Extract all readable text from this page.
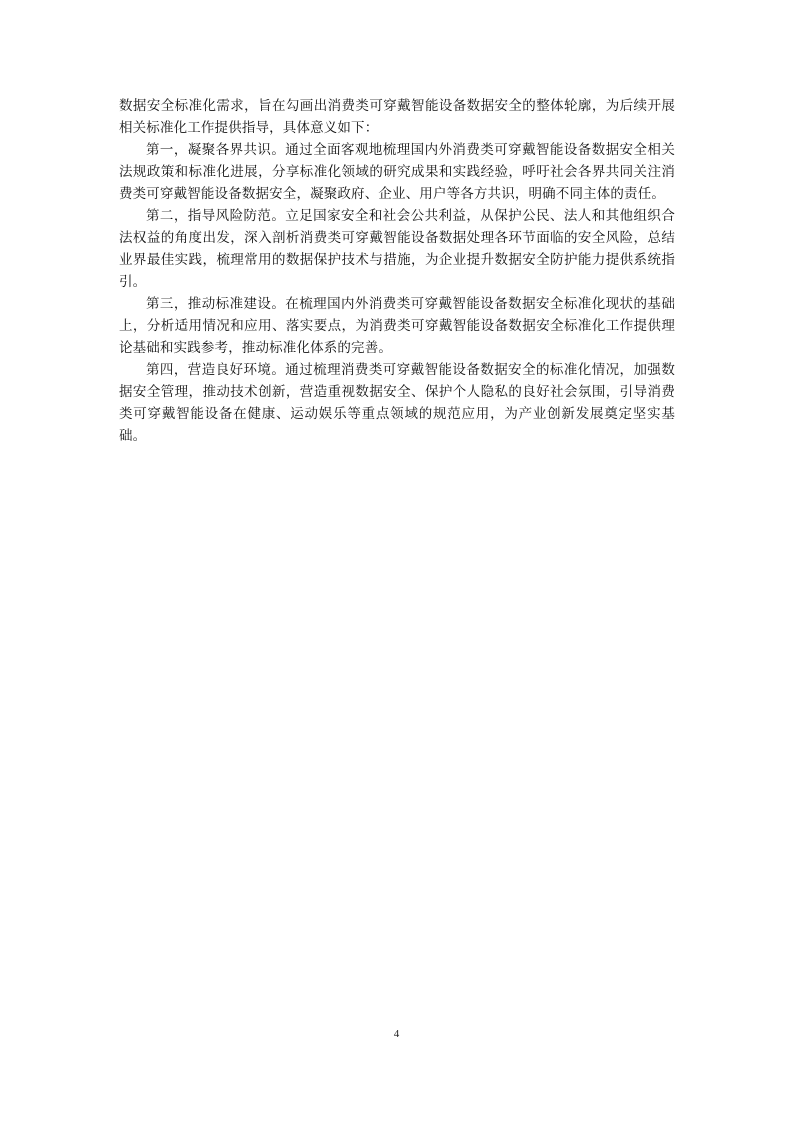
数据安全标准化需求，旨在勾画出消费类可穿戴智能设备数据安全的整体轮廓，为后续开展相关标准化工作提供指导，具体意义如下：

第一，凝聚各界共识。通过全面客观地梳理国内外消费类可穿戴智能设备数据安全相关法规政策和标准化进展，分享标准化领域的研究成果和实践经验，呼吁社会各界共同关注消费类可穿戴智能设备数据安全，凝聚政府、企业、用户等各方共识，明确不同主体的责任。

第二，指导风险防范。立足国家安全和社会公共利益，从保护公民、法人和其他组织合法权益的角度出发，深入剖析消费类可穿戴智能设备数据处理各环节面临的安全风险，总结业界最佳实践，梳理常用的数据保护技术与措施，为企业提升数据安全防护能力提供系统指引。

第三，推动标准建设。在梳理国内外消费类可穿戴智能设备数据安全标准化现状的基础上，分析适用情况和应用、落实要点，为消费类可穿戴智能设备数据安全标准化工作提供理论基础和实践参考，推动标准化体系的完善。

第四，营造良好环境。通过梳理消费类可穿戴智能设备数据安全的标准化情况，加强数据安全管理，推动技术创新，营造重视数据安全、保护个人隐私的良好社会氛围，引导消费类可穿戴智能设备在健康、运动娱乐等重点领域的规范应用，为产业创新发展奠定坚实基础。

4
